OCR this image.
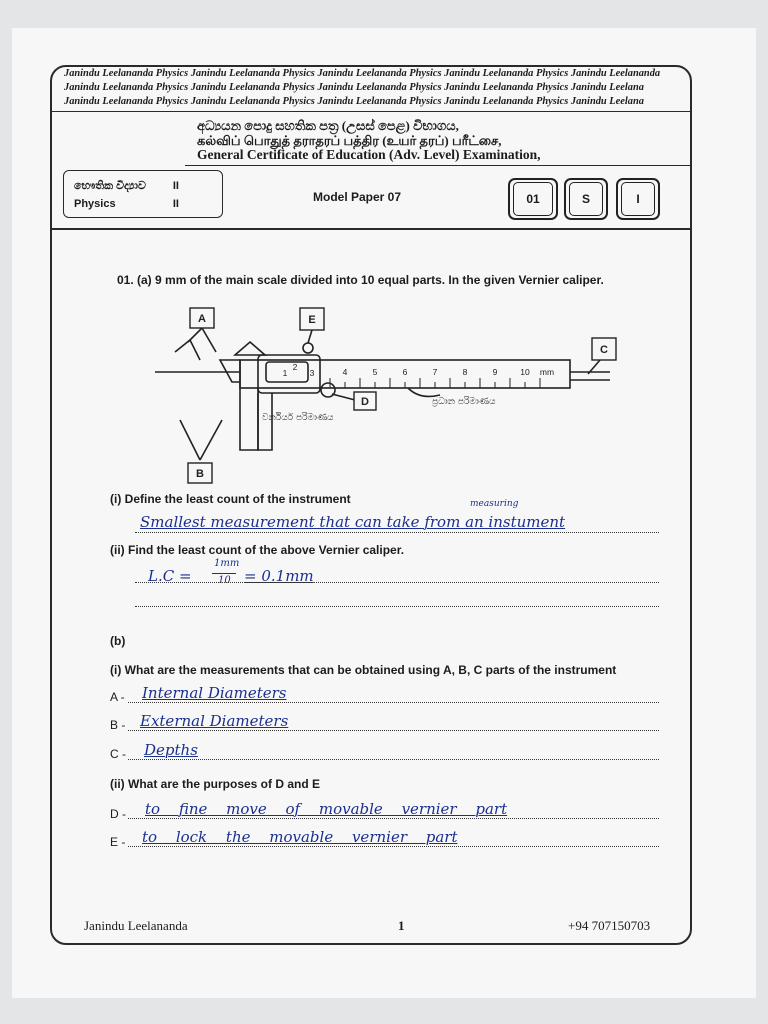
Janindu Leelananda Physics Janindu Leelananda Physics Janindu Leelananda Physics Janindu Leelananda Physics Janindu Leelananda
Janindu Leelananda Physics Janindu Leelananda Physics Janindu Leelananda Physics Janindu Leelananda Physics Janindu Leelana
Janindu Leelananda Physics Janindu Leelananda Physics Janindu Leelananda Physics Janindu Leelananda Physics Janindu Leelana
අධ්‍යයන පොදු සහතික පත්‍ර (උසස් පෙළ) විභාගය,
கல்விப் பொதுத் தராதரப் பத்திர (உயர் தரப்) பரீட்சை,
General Certificate of Education (Adv. Level) Examination,
භෞතික විද්‍යාව II
Physics	II	Model Paper 07	01	S	I
01. (a) 9 mm of the main scale divided into 10 equal parts. In the given Vernier caliper.
A
B
C
D
E
1
2
3	4	5	6	7	8	9	10 mm
වර්නියර් පරිමාණය
ප්‍රධාන පරිමාණය
(i) Define the least count of the instrument	measuring
Smallest measurement that can take from an instument
(ii) Find the least count of the above Vernier caliper.
L.C =
1mm
10 = 0.1mm
(b)
(i) What are the measurements that can be obtained using A, B, C parts of the instrument
A - Internal Diameters
B - External Diameters
C - Depths
(ii) What are the purposes of D and E
D - to fine move of movable vernier part
E - to lock the movable vernier part
Janindu Leelananda	1	+94 707150703
